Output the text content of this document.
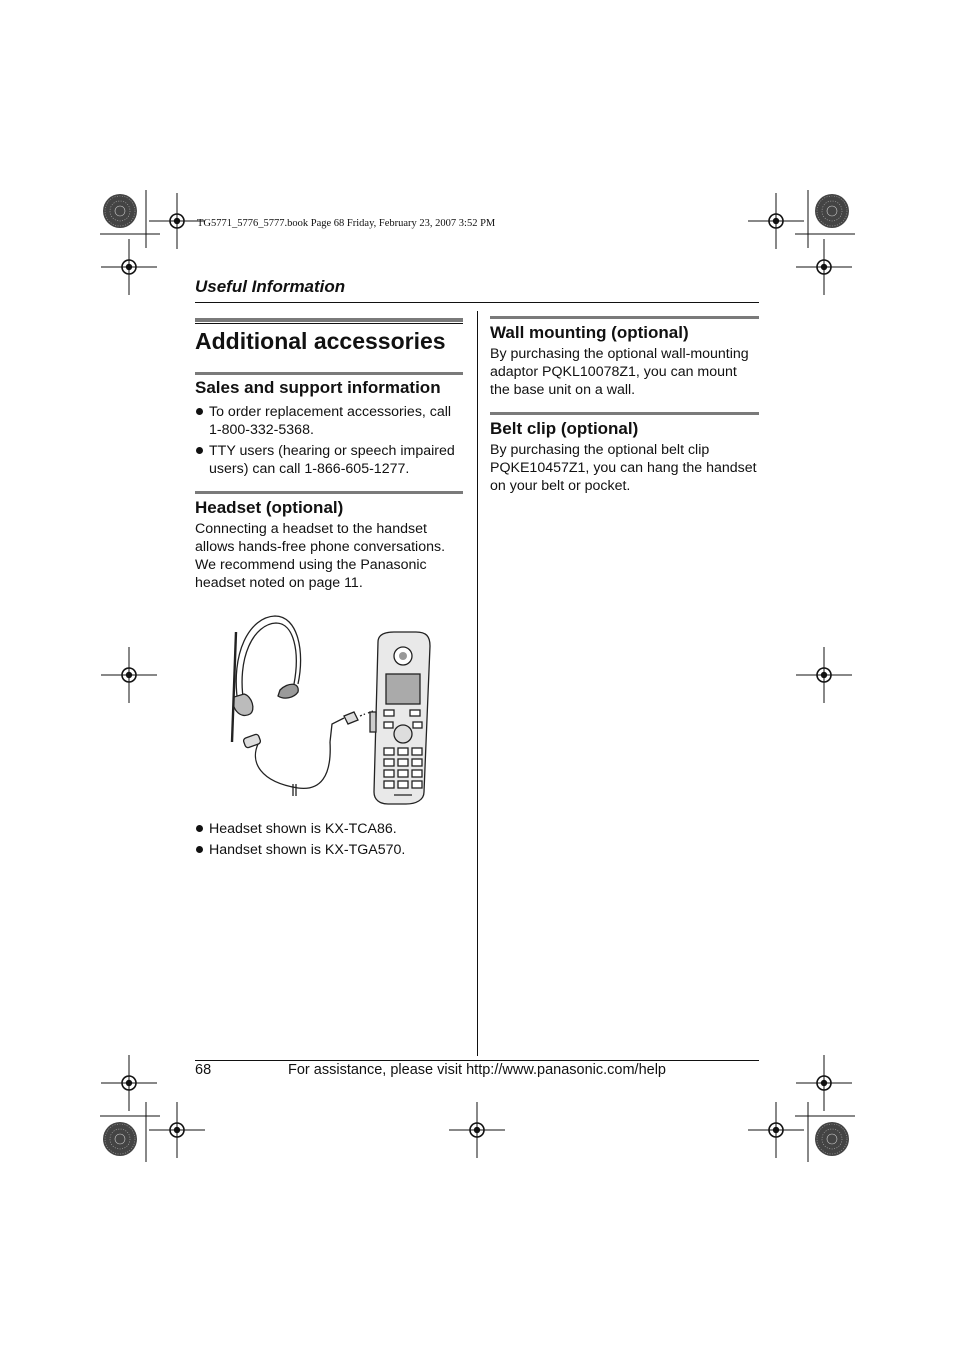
TG5771_5776_5777.book Page 68 Friday, February 23, 2007 3:52 PM
Useful Information
Additional accessories
Sales and support information
To order replacement accessories, call 1-800-332-5368.
TTY users (hearing or speech impaired users) can call 1-866-605-1277.
Headset (optional)

Connecting a headset to the handset allows hands-free phone conversations. We recommend using the Panasonic headset noted on page 11.

Headset shown is KX-TCA86.
Handset shown is KX-TGA570.
Wall mounting (optional)

By purchasing the optional wall-mounting adaptor PQKL10078Z1, you can mount the base unit on a wall.

Belt clip (optional)

By purchasing the optional belt clip PQKE10457Z1, you can hang the handset on your belt or pocket.

68	For assistance, please visit http://www.panasonic.com/help
